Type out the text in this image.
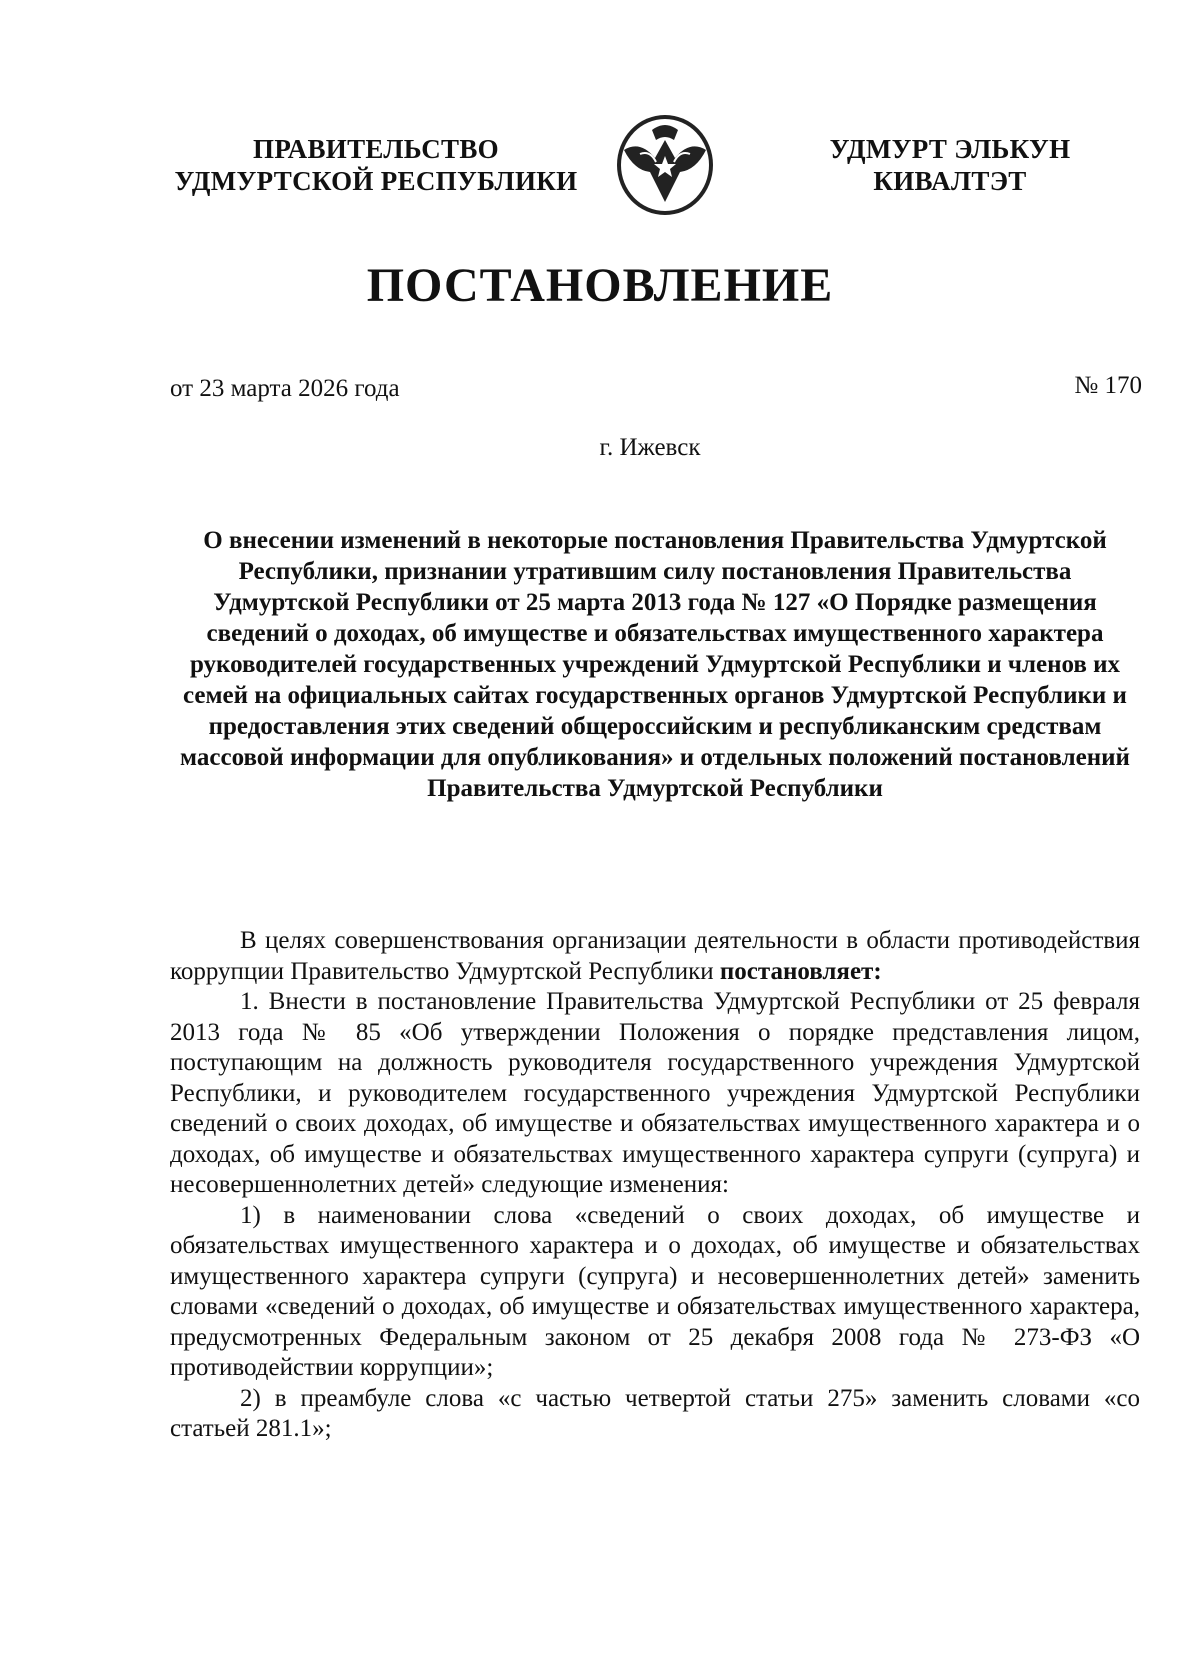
ПРАВИТЕЛЬСТВО
УДМУРТСКОЙ РЕСПУБЛИКИ
УДМУРТ ЭЛЬКУН
КИВАЛТЭТ
ПОСТАНОВЛЕНИЕ
от 23 марта 2026 года	№ 170
г. Ижевск
О внесении изменений в некоторые постановления Правительства Удмуртской Республики, признании утратившим силу постановления Правительства Удмуртской Республики от 25 марта 2013 года № 127 «О Порядке размещения сведений о доходах, об имуществе и обязательствах имущественного характера руководителей государственных учреждений Удмуртской Республики и членов их семей на официальных сайтах государственных органов Удмуртской Республики и предоставления этих сведений общероссийским и республиканским средствам массовой информации для опубликования» и отдельных положений постановлений Правительства Удмуртской Республики

В целях совершенствования организации деятельности в области противодействия коррупции Правительство Удмуртской Республики постановляет:

1. Внести в постановление Правительства Удмуртской Республики от 25 февраля 2013 года № 85 «Об утверждении Положения о порядке представления лицом, поступающим на должность руководителя государственного учреждения Удмуртской Республики, и руководителем государственного учреждения Удмуртской Республики сведений о своих доходах, об имуществе и обязательствах имущественного характера и о доходах, об имуществе и обязательствах имущественного характера супруги (супруга) и несовершеннолетних детей» следующие изменения:

1) в наименовании слова «сведений о своих доходах, об имуществе и обязательствах имущественного характера и о доходах, об имуществе и обязательствах имущественного характера супруги (супруга) и несовершеннолетних детей» заменить словами «сведений о доходах, об имуществе и обязательствах имущественного характера, предусмотренных Федеральным законом от 25 декабря 2008 года № 273-ФЗ «О противодействии коррупции»;

2) в преамбуле слова «с частью четвертой статьи 275» заменить словами «со статьей 281.1»;
